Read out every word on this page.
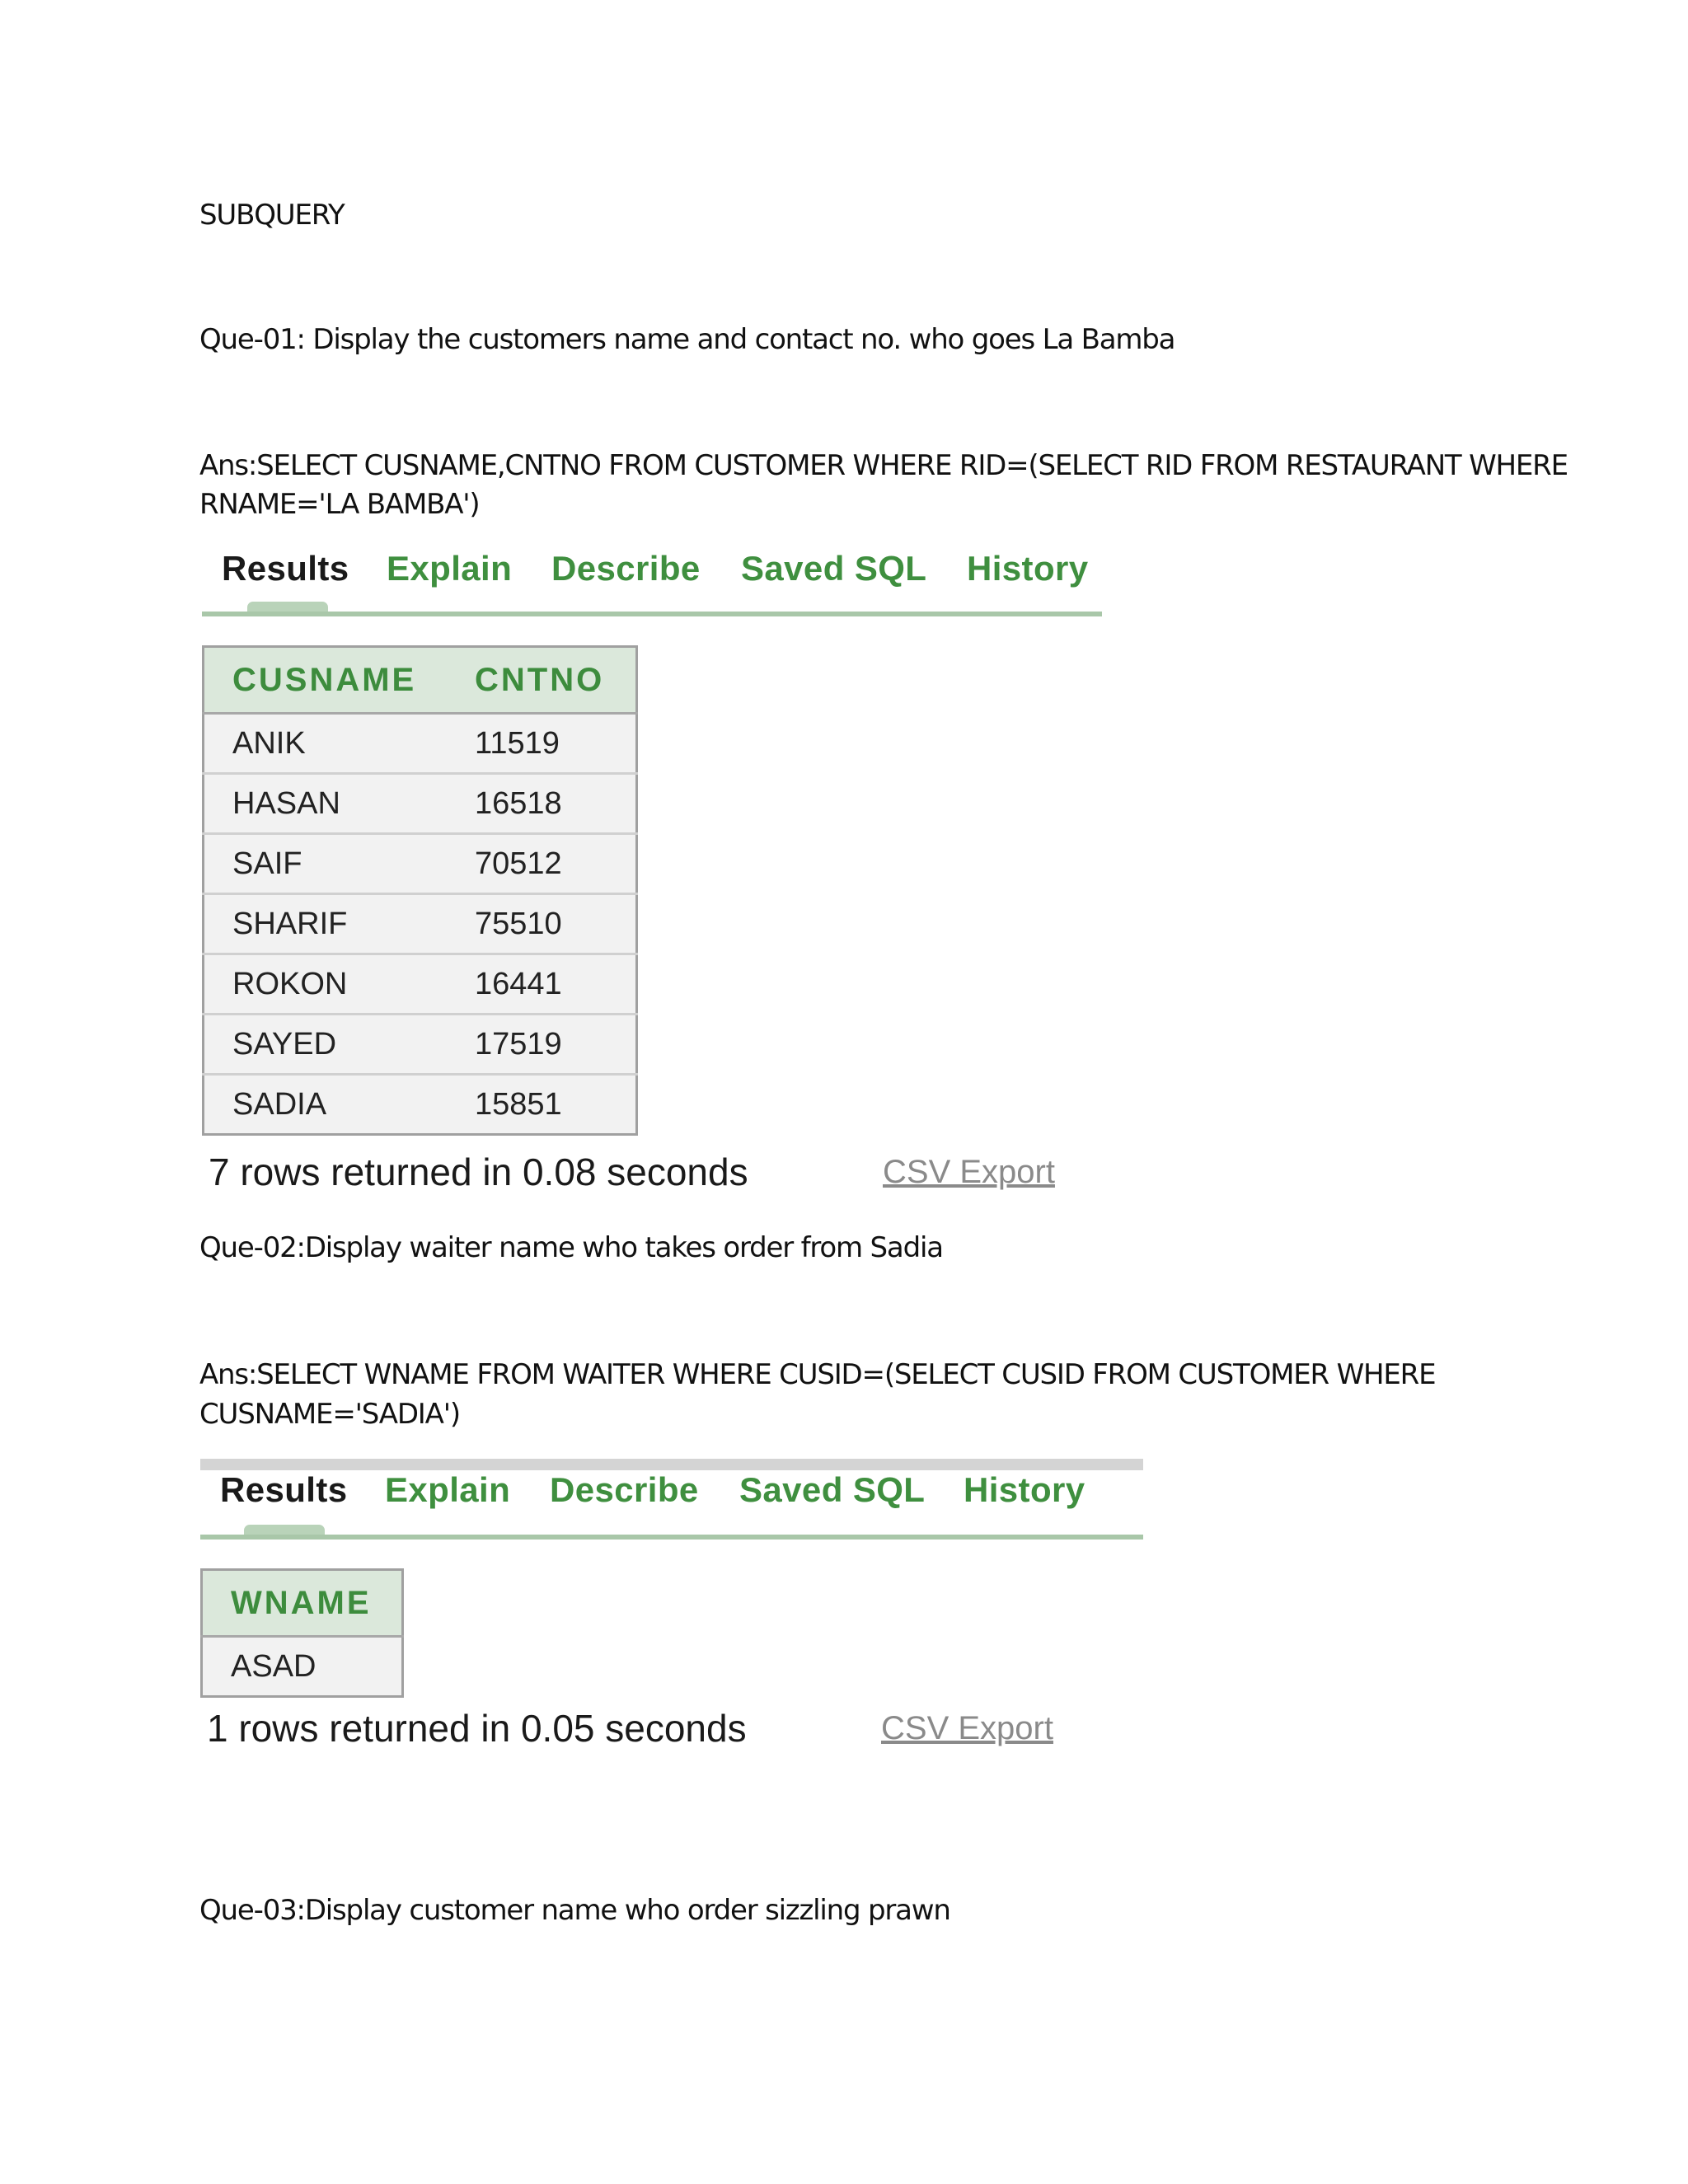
SUBQUERY

Que-01: Display the customers name and contact no. who goes La Bamba

Ans:SELECT CUSNAME,CNTNO FROM CUSTOMER WHERE RID=(SELECT RID FROM RESTAURANT WHERE

RNAME='LA BAMBA')

Results Explain Describe Saved SQL History
CUSNAME	CNTNO
ANIK	11519
HASAN	16518
SAIF	70512
SHARIF	75510
ROKON	16441
SAYED	17519
SADIA	15851
7 rows returned in 0.08 seconds	CSV Export

Que-02:Display waiter name who takes order from Sadia

Ans:SELECT WNAME FROM WAITER WHERE CUSID=(SELECT CUSID FROM CUSTOMER WHERE

CUSNAME='SADIA')

Results Explain Describe Saved SQL History
WNAME
ASAD
1 rows returned in 0.05 seconds	CSV Export

Que-03:Display customer name who order sizzling prawn
